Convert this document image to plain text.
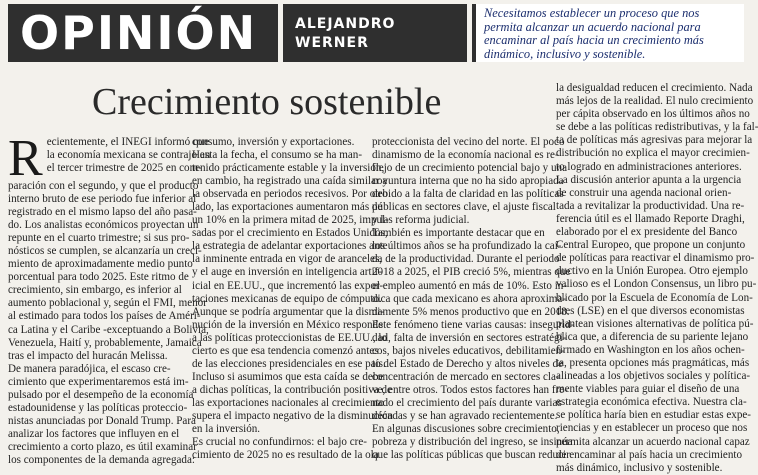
OPINIÓN	ALEJANDRO
WERNER
Necesitamos establecer un proceso que nos
permita alcanzar un acuerdo nacional para
encaminar al país hacia un crecimiento más
dinámico, inclusivo y sostenible.
Crecimiento sostenible
R ecientemente, el INEGI informó que
la economía mexicana se contrajo en
el tercer trimestre de 2025 en com-
paración con el segundo, y que el producto
interno bruto de ese periodo fue inferior al
registrado en el mismo lapso del año pasa-
do. Los analistas económicos proyectan un
repunte en el cuarto trimestre; si sus pro-
nósticos se cumplen, se alcanzaría un creci-
miento de aproximadamente medio punto
porcentual para todo 2025. Este ritmo de
crecimiento, sin embargo, es inferior al
aumento poblacional y, según el FMI, menor
al estimado para todos los países de Améri-
ca Latina y el Caribe -exceptuando a Bolivia,
Venezuela, Haití y, probablemente, Jamaica
tras el impacto del huracán Melissa.
De manera paradójica, el escaso cre-
cimiento que experimentaremos está im-
pulsado por el desempeño de la economía
estadounidense y las políticas proteccio-
nistas anunciadas por Donald Trump. Para
analizar los factores que influyen en el
crecimiento a corto plazo, es útil examinar
los componentes de la demanda agregada:
consumo, inversión y exportaciones.
Hasta la fecha, el consumo se ha man-
tenido prácticamente estable y la inversión,
en cambio, ha registrado una caída similar a
la observada en periodos recesivos. Por otro
lado, las exportaciones aumentaron más de
un 10% en la primera mitad de 2025, impul-
sadas por el crecimiento en Estados Unidos,
la estrategia de adelantar exportaciones ante
la inminente entrada en vigor de aranceles,
y el auge en inversión en inteligencia artif-
icial en EE.UU., que incrementó las expor-
taciones mexicanas de equipo de cómputo.
Aunque se podría argumentar que la dismi-
nución de la inversión en México responde
a las políticas proteccionistas de EE.UU., lo
cierto es que esa tendencia comenzó antes
de las elecciones presidenciales en ese país.
Incluso si asumimos que esta caída se debe
a dichas políticas, la contribución positiva de
las exportaciones nacionales al crecimiento
supera el impacto negativo de la disminución
en la inversión.
Es crucial no confundirnos: el bajo cre-
cimiento de 2025 no es resultado de la ola
proteccionista del vecino del norte. El poco
dinamismo de la economía nacional es re-
flejo de un crecimiento potencial bajo y una
coyuntura interna que no ha sido apropiada
debido a la falta de claridad en las políticas
públicas en sectores clave, el ajuste fiscal
y las reforma judicial.
También es importante destacar que en
los últimos años se ha profundizado la caí-
da de la productividad. Durante el periodo
2018 a 2025, el PIB creció 5%, mientras que
el empleo aumentó en más de 10%. Esto in-
dica que cada mexicano es ahora aproxima-
damente 5% menos productivo que en 2018.
Este fenómeno tiene varias causas: insegurid-
dad, falta de inversión en sectores estratégi-
cos, bajos niveles educativos, debilitamien-
to del Estado de Derecho y altos niveles de
concentración de mercado en sectores cla-
ve, entre otros. Todos estos factores han fre-
nado el crecimiento del país durante varias
décadas y se han agravado recientemente.
En algunas discusiones sobre crecimiento,
pobreza y distribución del ingreso, se insinúa
que las políticas públicas que buscan reducir
la desigualdad reducen el crecimiento. Nada
más lejos de la realidad. El nulo crecimiento
per cápita observado en los últimos años no
se debe a las políticas redistributivas, y la fal-
ta de políticas más agresivas para mejorar la
distribución no explica el mayor crecimien-
to logrado en administraciones anteriores.
La discusión anterior apunta a la urgencia
de construir una agenda nacional orien-
tada a revitalizar la productividad. Una re-
ferencia útil es el llamado Reporte Draghi,
elaborado por el ex presidente del Banco
Central Europeo, que propone un conjunto
de políticas para reactivar el dinamismo pro-
ductivo en la Unión Europea. Otro ejemplo
valioso es el London Consensus, un libro pu-
blicado por la Escuela de Economía de Lon-
dres (LSE) en el que diversos economistas
plantean visiones alternativas de política pú-
blica que, a diferencia de su pariente lejano
firmado en Washington en los años ochen-
ta, presenta opciones más pragmáticas, más
alineadas a los objetivos sociales y política-
mente viables para guiar el diseño de una
estrategia económica efectiva. Nuestra cla-
se política haría bien en estudiar estas expe-
riencias y en establecer un proceso que nos
permita alcanzar un acuerdo nacional capaz
de encaminar al país hacia un crecimiento
más dinámico, inclusivo y sostenible.
